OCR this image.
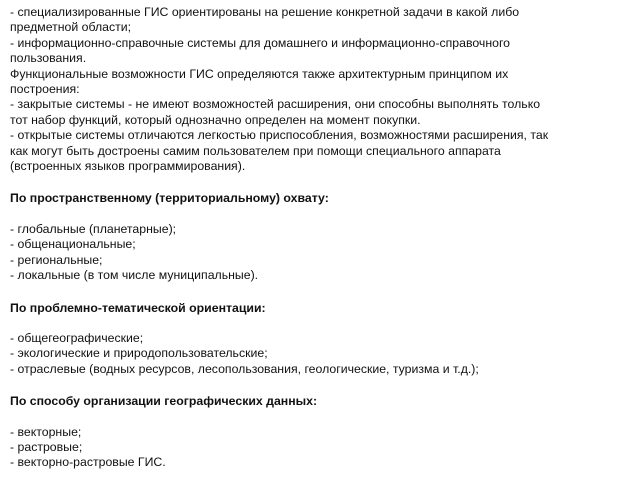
- специализированные ГИС ориентированы на решение конкретной задачи в какой либо
предметной области;
- информационно-справочные системы для домашнего и информационно-справочного
пользования.
Функциональные возможности ГИС определяются также архитектурным принципом их
построения:
- закрытые системы - не имеют возможностей расширения, они способны выполнять только
тот набор функций, который однозначно определен на момент покупки.
- открытые системы отличаются легкостью приспособления, возможностями расширения, так
как могут быть достроены самим пользователем при помощи специального аппарата
(встроенных языков программирования).
По пространственному (территориальному) охвату:
- глобальные (планетарные);
- общенациональные;
- региональные;
- локальные (в том числе муниципальные).
По проблемно-тематической ориентации:
- общегеографические;
- экологические и природопользовательские;
- отраслевые (водных ресурсов, лесопользования, геологические, туризма и т.д.);
По способу организации географических данных:
- векторные;
- растровые;
- векторно-растровые ГИС.
